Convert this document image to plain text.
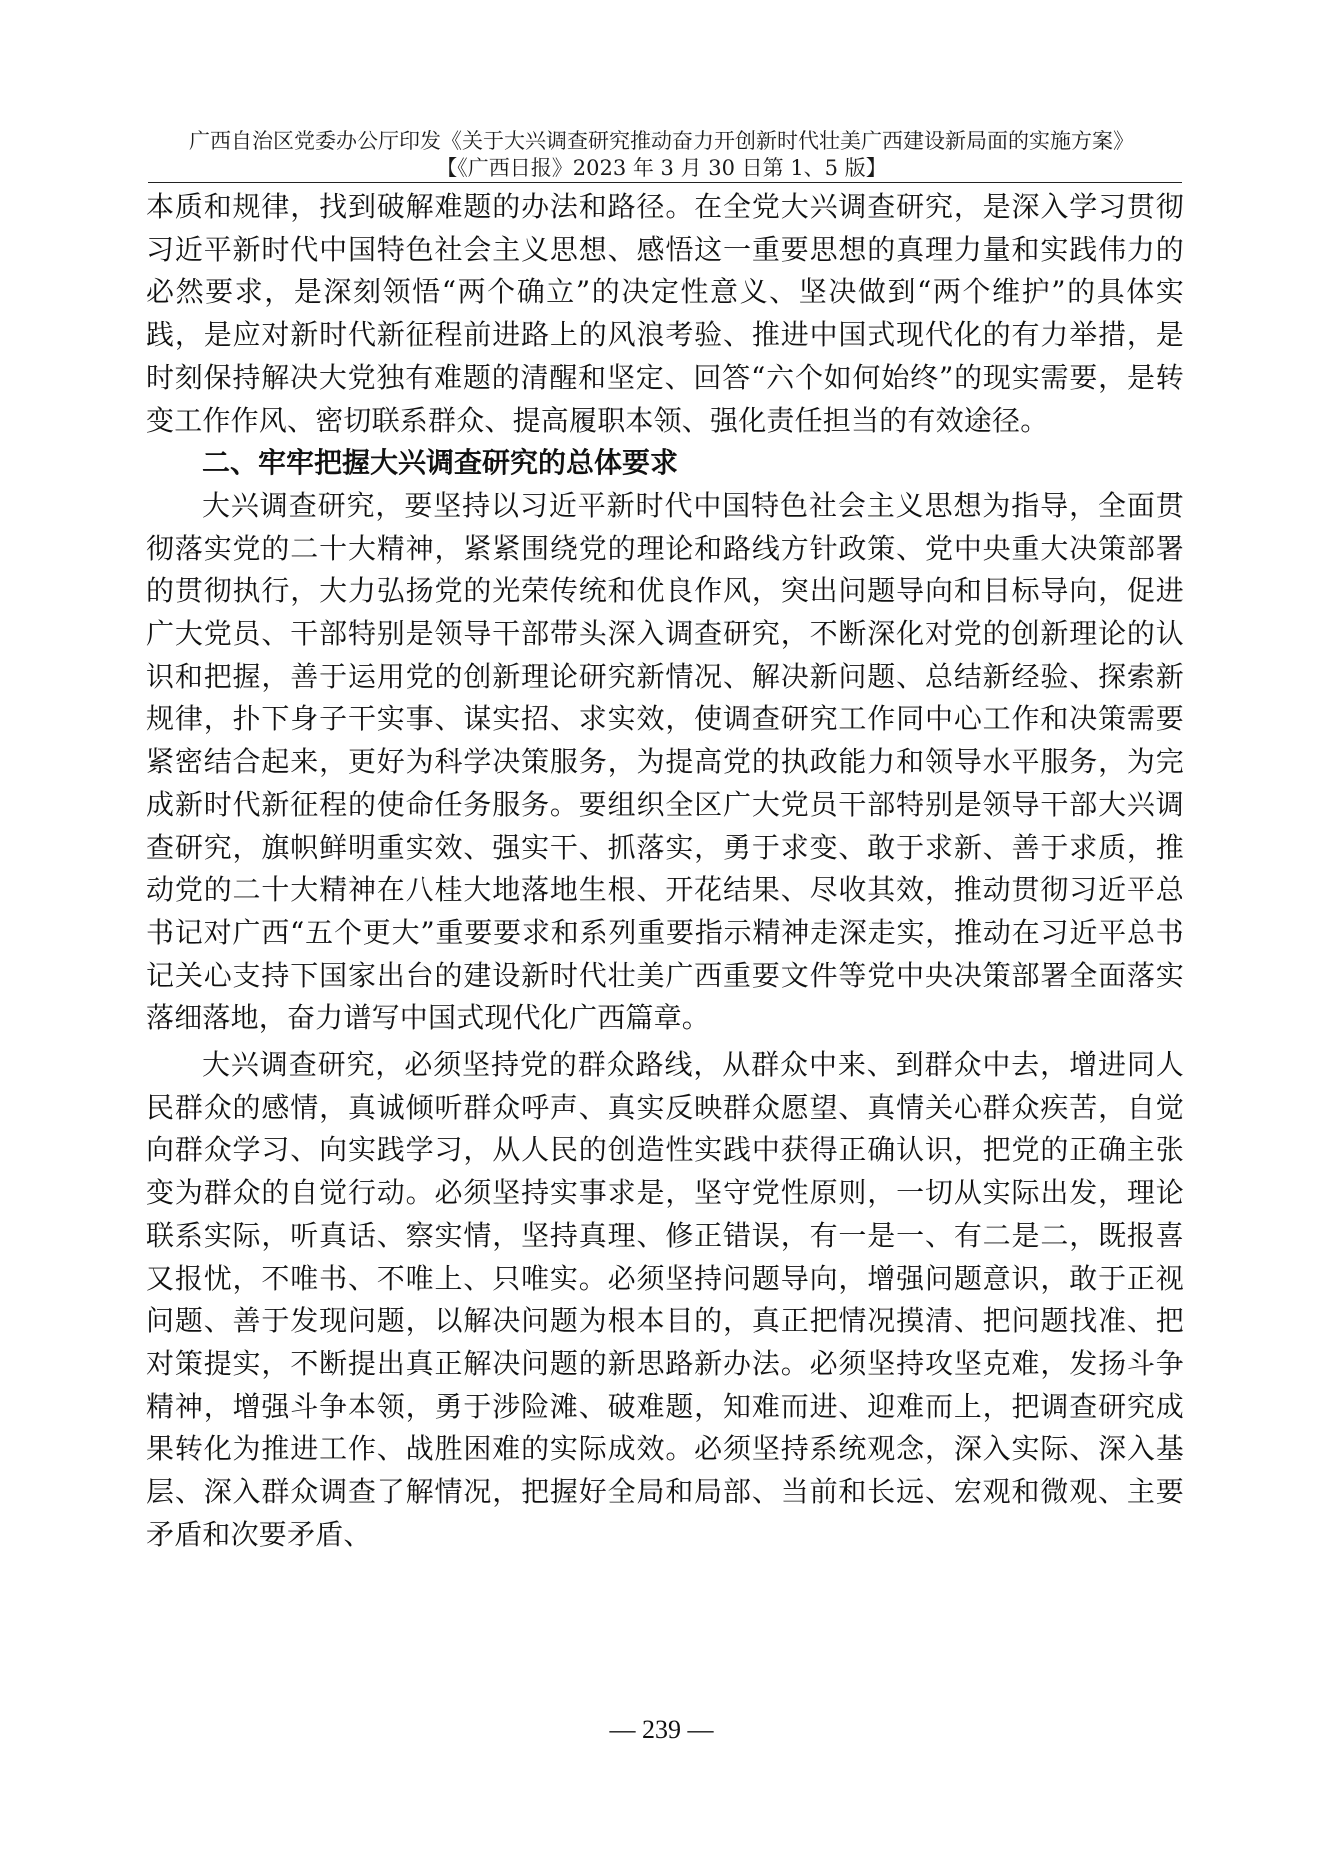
广西自治区党委办公厅印发《关于大兴调查研究推动奋力开创新时代壮美广西建设新局面的实施方案》
【《广西日报》2023 年 3 月 30 日第 1、5 版】

本质和规律，找到破解难题的办法和路径。在全党大兴调查研究，是深入学习贯彻习近平新时代中国特色社会主义思想、感悟这一重要思想的真理力量和实践伟力的必然要求，是深刻领悟“两个确立”的决定性意义、坚决做到“两个维护”的具体实践，是应对新时代新征程前进路上的风浪考验、推进中国式现代化的有力举措，是时刻保持解决大党独有难题的清醒和坚定、回答“六个如何始终”的现实需要，是转变工作作风、密切联系群众、提高履职本领、强化责任担当的有效途径。

二、牢牢把握大兴调查研究的总体要求

大兴调查研究，要坚持以习近平新时代中国特色社会主义思想为指导，全面贯彻落实党的二十大精神，紧紧围绕党的理论和路线方针政策、党中央重大决策部署的贯彻执行，大力弘扬党的光荣传统和优良作风，突出问题导向和目标导向，促进广大党员、干部特别是领导干部带头深入调查研究，不断深化对党的创新理论的认识和把握，善于运用党的创新理论研究新情况、解决新问题、总结新经验、探索新规律，扑下身子干实事、谋实招、求实效，使调查研究工作同中心工作和决策需要紧密结合起来，更好为科学决策服务，为提高党的执政能力和领导水平服务，为完成新时代新征程的使命任务服务。要组织全区广大党员干部特别是领导干部大兴调查研究，旗帜鲜明重实效、强实干、抓落实，勇于求变、敢于求新、善于求质，推动党的二十大精神在八桂大地落地生根、开花结果、尽收其效，推动贯彻习近平总书记对广西“五个更大”重要要求和系列重要指示精神走深走实，推动在习近平总书记关心支持下国家出台的建设新时代壮美广西重要文件等党中央决策部署全面落实落细落地，奋力谱写中国式现代化广西篇章。

大兴调查研究，必须坚持党的群众路线，从群众中来、到群众中去，增进同人民群众的感情，真诚倾听群众呼声、真实反映群众愿望、真情关心群众疾苦，自觉向群众学习、向实践学习，从人民的创造性实践中获得正确认识，把党的正确主张变为群众的自觉行动。必须坚持实事求是，坚守党性原则，一切从实际出发，理论联系实际，听真话、察实情，坚持真理、修正错误，有一是一、有二是二，既报喜又报忧，不唯书、不唯上、只唯实。必须坚持问题导向，增强问题意识，敢于正视问题、善于发现问题，以解决问题为根本目的，真正把情况摸清、把问题找准、把对策提实，不断提出真正解决问题的新思路新办法。必须坚持攻坚克难，发扬斗争精神，增强斗争本领，勇于涉险滩、破难题，知难而进、迎难而上，把调查研究成果转化为推进工作、战胜困难的实际成效。必须坚持系统观念，深入实际、深入基层、深入群众调查了解情况，把握好全局和局部、当前和长远、宏观和微观、主要矛盾和次要矛盾、

— 239 —
